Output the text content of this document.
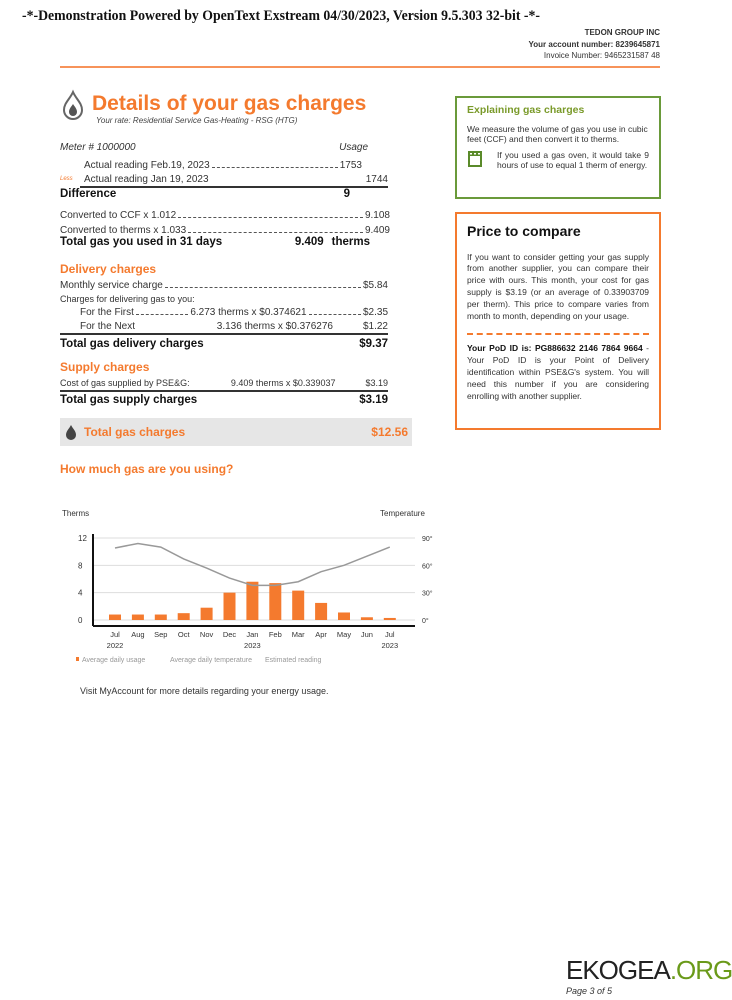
-*-Demonstration Powered by OpenText Exstream 04/30/2023, Version 9.5.303 32-bit -*-
TEDON GROUP INC
Your account number: 8239645871
Invoice Number: 9465231587 48
Details of your gas charges
Your rate: Residential Service Gas-Heating - RSG (HTG)
Meter # 1000000	Usage
Actual reading Feb.19, 2023	1753
Less Actual reading Jan 19, 2023	1744
Difference	9
Converted to CCF x 1.012	9.108
Converted to therms x 1.033	9.409
Total gas you used in 31 days	9.409 therms
Delivery charges
Monthly service charge	$5.84
Charges for delivering gas to you:
For the First	6.273 therms x $0.374621	$2.35
For the Next	3.136 therms x $0.376276	$1.22
Total gas delivery charges	$9.37
Supply charges
Cost of gas supplied by PSE&G:	9.409 therms x $0.339037	$3.19
Total gas supply charges	$3.19
Total gas charges	$12.56
Explaining gas charges
We measure the volume of gas you use in cubic feet (CCF) and then convert it to therms.
If you used a gas oven, it would take 9 hours of use to equal 1 therm of energy.
Price to compare
If you want to consider getting your gas supply from another supplier, you can compare their price with ours. This month, your cost for gas supply is $3.19 (or an average of 0.33903709 per therm). This price to compare varies from month to month, depending on your usage.
Your PoD ID is: PG886632 2146 7864 9664 - Your PoD ID is your Point of Delivery identification within PSE&G's system. You will need this number if you are considering enrolling with another supplier.
How much gas are you using?
Therms	Temperature
12	90°
8	60°
4	30°
0	0°
Jul Aug Sep Oct Nov Dec Jan Feb Mar Apr May Jun Jul
2022	2023	2023
Average daily usage	Average daily temperature Estimated reading
Visit MyAccount for more details regarding your energy usage.
EKOGEA.ORG
Page 3 of 5
